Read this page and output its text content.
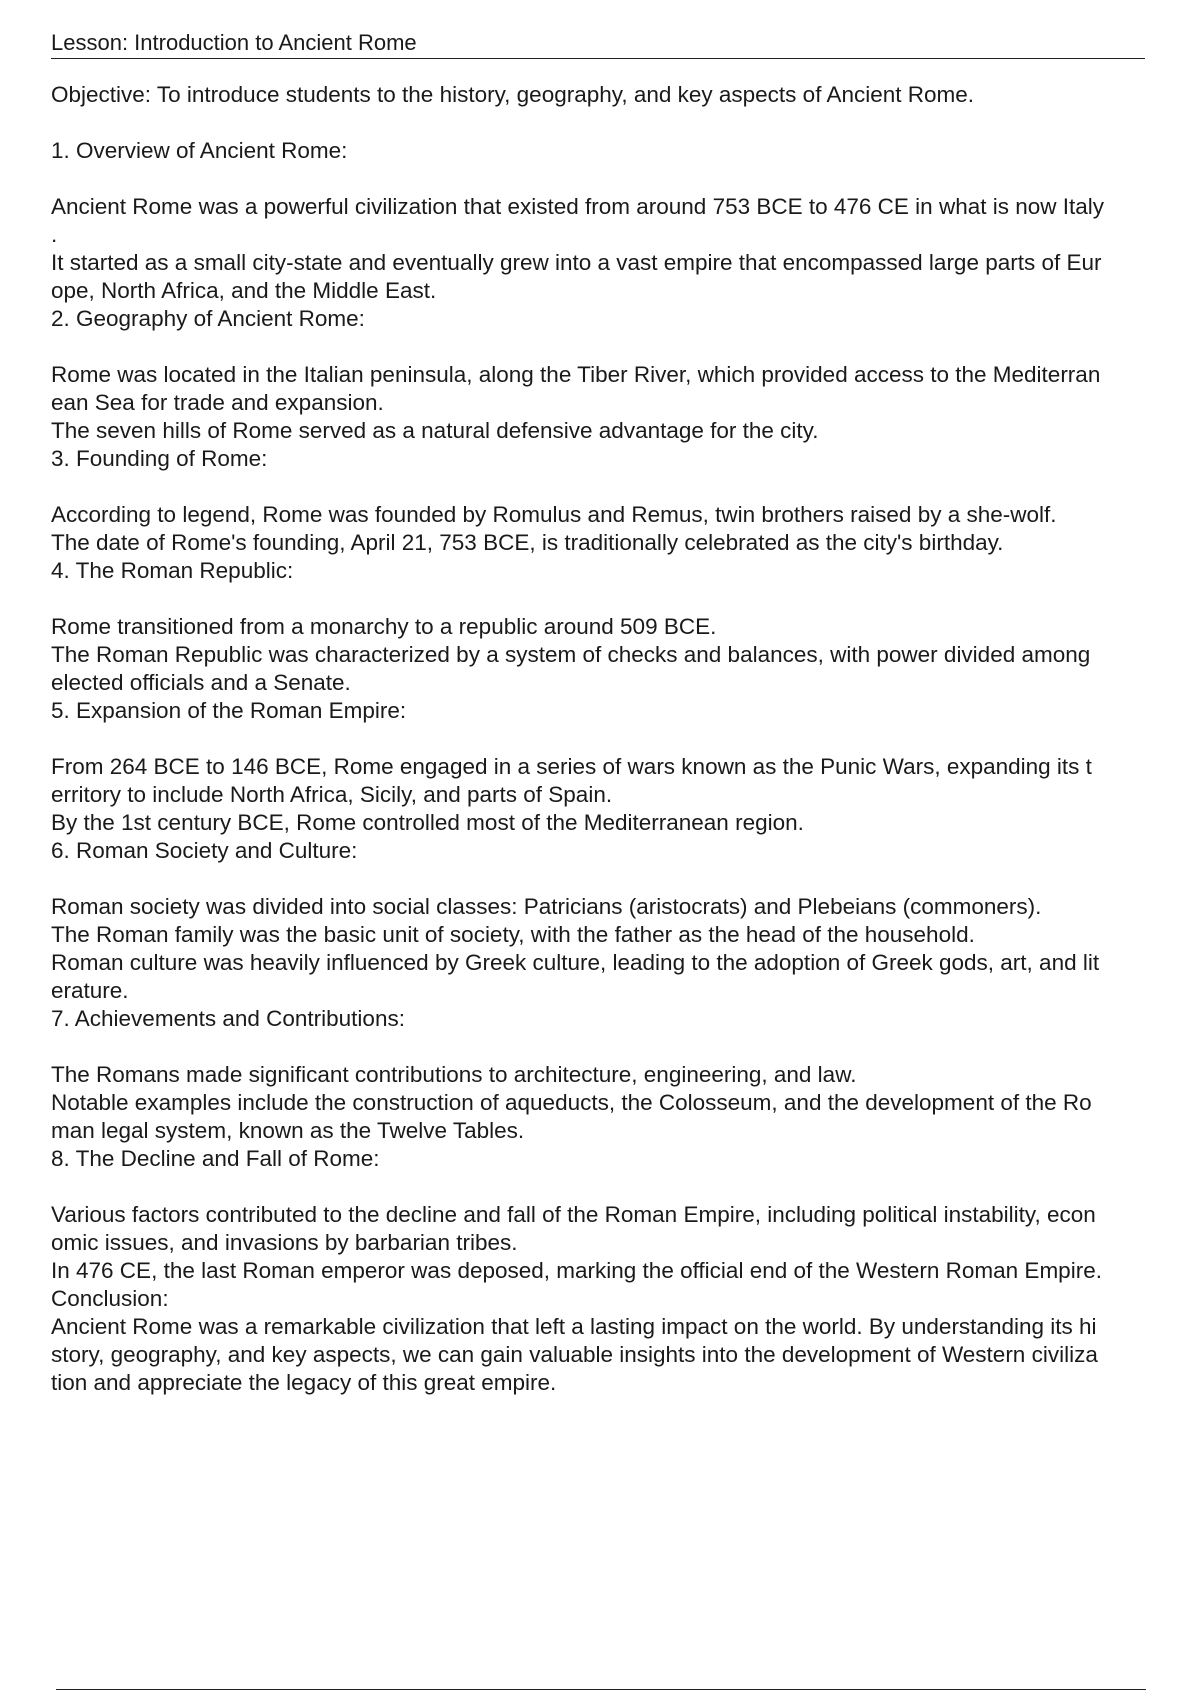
Lesson: Introduction to Ancient Rome
Objective: To introduce students to the history, geography, and key aspects of Ancient Rome.
1. Overview of Ancient Rome:
Ancient Rome was a powerful civilization that existed from around 753 BCE to 476 CE in what is now Italy
.
It started as a small city-state and eventually grew into a vast empire that encompassed large parts of Eur
ope, North Africa, and the Middle East.
2. Geography of Ancient Rome:
Rome was located in the Italian peninsula, along the Tiber River, which provided access to the Mediterran
ean Sea for trade and expansion.
The seven hills of Rome served as a natural defensive advantage for the city.
3. Founding of Rome:
According to legend, Rome was founded by Romulus and Remus, twin brothers raised by a she-wolf.
The date of Rome's founding, April 21, 753 BCE, is traditionally celebrated as the city's birthday.
4. The Roman Republic:
Rome transitioned from a monarchy to a republic around 509 BCE.
The Roman Republic was characterized by a system of checks and balances, with power divided among
elected officials and a Senate.
5. Expansion of the Roman Empire:
From 264 BCE to 146 BCE, Rome engaged in a series of wars known as the Punic Wars, expanding its t
erritory to include North Africa, Sicily, and parts of Spain.
By the 1st century BCE, Rome controlled most of the Mediterranean region.
6. Roman Society and Culture:
Roman society was divided into social classes: Patricians (aristocrats) and Plebeians (commoners).
The Roman family was the basic unit of society, with the father as the head of the household.
Roman culture was heavily influenced by Greek culture, leading to the adoption of Greek gods, art, and lit
erature.
7. Achievements and Contributions:
The Romans made significant contributions to architecture, engineering, and law.
Notable examples include the construction of aqueducts, the Colosseum, and the development of the Ro
man legal system, known as the Twelve Tables.
8. The Decline and Fall of Rome:
Various factors contributed to the decline and fall of the Roman Empire, including political instability, econ
omic issues, and invasions by barbarian tribes.
In 476 CE, the last Roman emperor was deposed, marking the official end of the Western Roman Empire.
Conclusion:
Ancient Rome was a remarkable civilization that left a lasting impact on the world. By understanding its hi
story, geography, and key aspects, we can gain valuable insights into the development of Western civiliza
tion and appreciate the legacy of this great empire.
